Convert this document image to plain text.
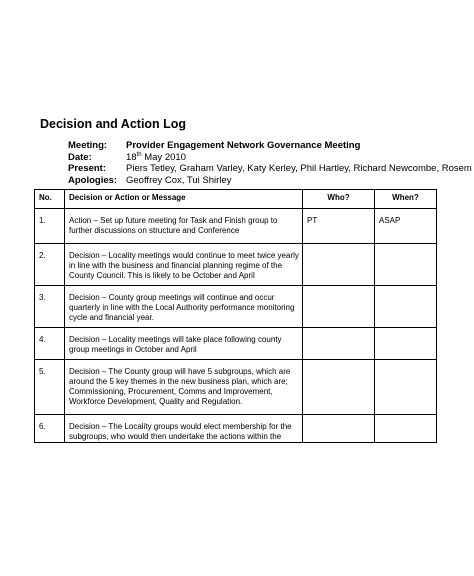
Decision and Action Log
Meeting:	Provider Engagement Network Governance Meeting
Date:	18th May 2010
Present:	Piers Tetley, Graham Varley, Katy Kerley, Phil Hartley, Richard Newcombe, Rosem
Apologies: Geoffrey Cox, Tui Shirley
No.	Decision or Action or Message	Who?	When?
1.	Action – Set up future meeting for Task and Finish group to further discussions on structure and Conference	PT	ASAP
2.	Decision – Locality meetings would continue to meet twice yearly in line with the business and financial planning regime of the County Council. This is likely to be October and April		
3.	Decision – County group meetings will continue and occur quarterly in line with the Local Authority performance monitoring cycle and financial year.		
4.	Decision – Locality meetings will take place following county group meetings in October and April		
5.	Decision – The County group will have 5 subgroups, which are around the 5 key themes in the new business plan, which are; Commissioning, Procurement, Comms and Improvement, Workforce Development, Quality and Regulation.		
6.	Decision – The Locality groups would elect membership for the subgroups, who would then undertake the actions within the		
